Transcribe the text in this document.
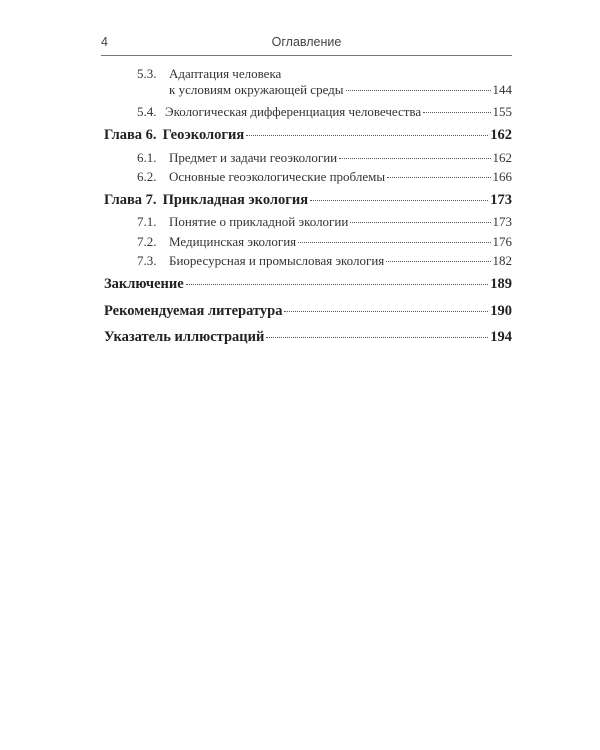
4	Оглавление
5.3. Адаптация человека
к условиям окружающей среды	144
5.4. Экологическая дифференциация человечества	155
Глава 6. Геоэкология	162
6.1. Предмет и задачи геоэкологии	162
6.2. Основные геоэкологические проблемы	166
Глава 7. Прикладная экология	173
7.1. Понятие о прикладной экологии	173
7.2. Медицинская экология	176
7.3. Биоресурсная и промысловая экология	182
Заключение	189
Рекомендуемая литература	190
Указатель иллюстраций	194
